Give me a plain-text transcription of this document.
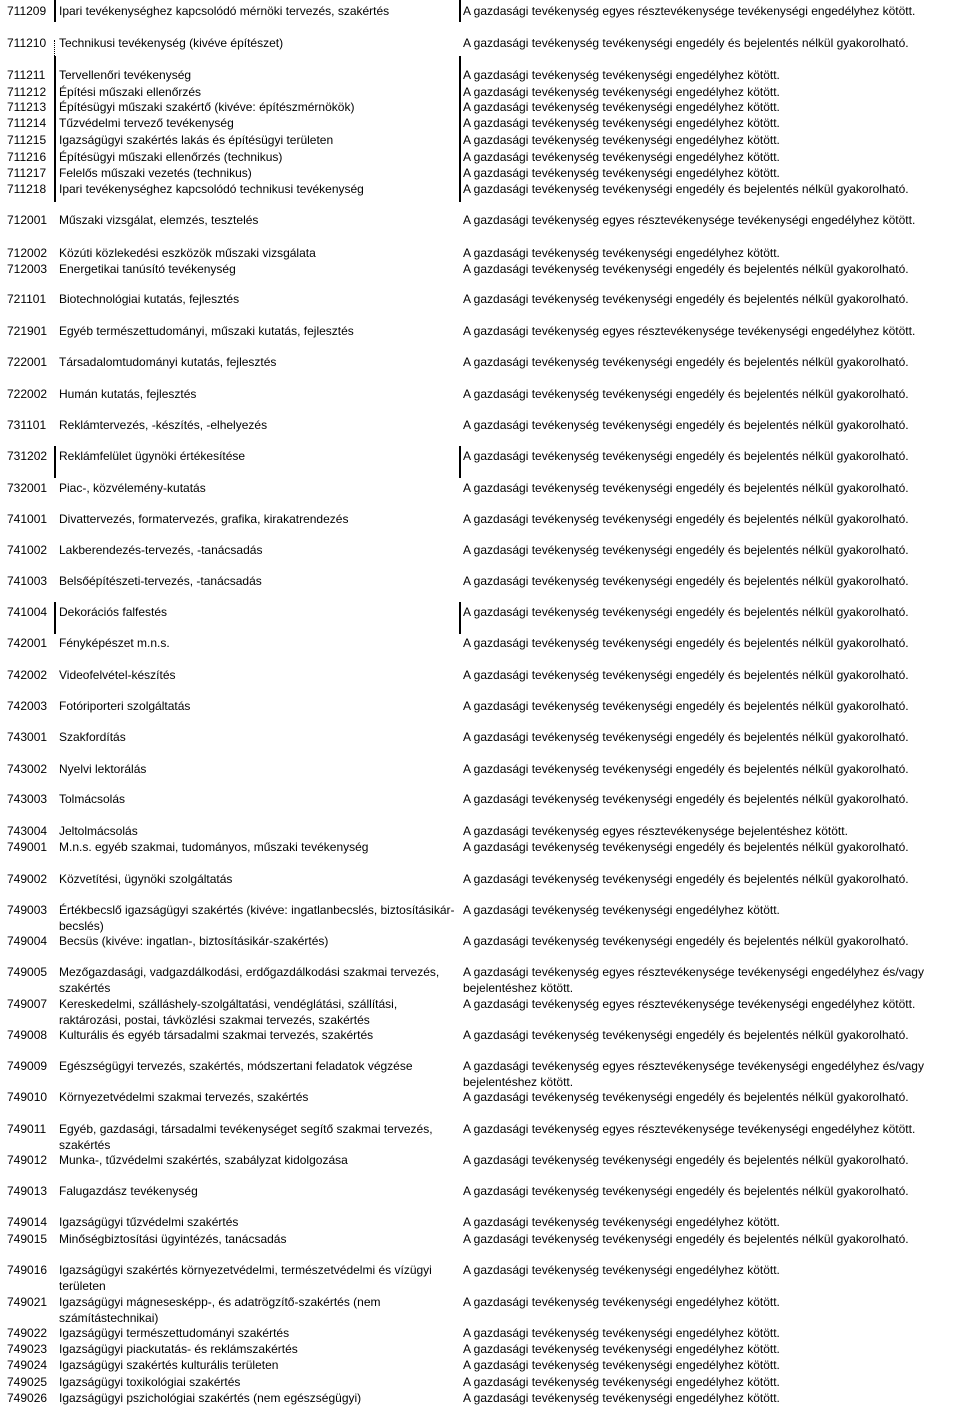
711209	Ipari tevékenységhez kapcsolódó mérnöki tervezés, szakértés	A gazdasági tevékenység egyes résztevékenysége tevékenységi engedélyhez kötött.
711210	Technikusi tevékenység (kivéve építészet)	A gazdasági tevékenység tevékenységi engedély és bejelentés nélkül gyakorolható.
711211	Tervellenőri tevékenység	A gazdasági tevékenység tevékenységi engedélyhez kötött.
711212	Építési műszaki ellenőrzés	A gazdasági tevékenység tevékenységi engedélyhez kötött.
711213	Építésügyi műszaki szakértő (kivéve: építészmérnökök)	A gazdasági tevékenység tevékenységi engedélyhez kötött.
711214	Tűzvédelmi tervező tevékenység	A gazdasági tevékenység tevékenységi engedélyhez kötött.
711215	Igazságügyi szakértés lakás és építésügyi területen	A gazdasági tevékenység tevékenységi engedélyhez kötött.
711216	Építésügyi műszaki ellenőrzés (technikus)	A gazdasági tevékenység tevékenységi engedélyhez kötött.
711217	Felelős műszaki vezetés (technikus)	A gazdasági tevékenység tevékenységi engedélyhez kötött.
711218	Ipari tevékenységhez kapcsolódó technikusi tevékenység	A gazdasági tevékenység tevékenységi engedély és bejelentés nélkül gyakorolható.
712001 Műszaki vizsgálat, elemzés, tesztelés	A gazdasági tevékenység egyes résztevékenysége tevékenységi engedélyhez kötött.
712002 Közúti közlekedési eszközök műszaki vizsgálata	A gazdasági tevékenység tevékenységi engedélyhez kötött.
712003 Energetikai tanúsító tevékenység	A gazdasági tevékenység tevékenységi engedély és bejelentés nélkül gyakorolható.
721101	Biotechnológiai kutatás, fejlesztés	A gazdasági tevékenység tevékenységi engedély és bejelentés nélkül gyakorolható.
721901 Egyéb természettudományi, műszaki kutatás, fejlesztés	A gazdasági tevékenység egyes résztevékenysége tevékenységi engedélyhez kötött.
722001 Társadalomtudományi kutatás, fejlesztés	A gazdasági tevékenység tevékenységi engedély és bejelentés nélkül gyakorolható.
722002 Humán kutatás, fejlesztés	A gazdasági tevékenység tevékenységi engedély és bejelentés nélkül gyakorolható.
731101	Reklámtervezés, -készítés, -elhelyezés	A gazdasági tevékenység tevékenységi engedély és bejelentés nélkül gyakorolható.
731202 Reklámfelület ügynöki értékesítése	A gazdasági tevékenység tevékenységi engedély és bejelentés nélkül gyakorolható.
732001 Piac-, közvélemény-kutatás	A gazdasági tevékenység tevékenységi engedély és bejelentés nélkül gyakorolható.
741001 Divattervezés, formatervezés, grafika, kirakatrendezés	A gazdasági tevékenység tevékenységi engedély és bejelentés nélkül gyakorolható.
741002 Lakberendezés-tervezés, -tanácsadás	A gazdasági tevékenység tevékenységi engedély és bejelentés nélkül gyakorolható.
741003 Belsőépítészeti-tervezés, -tanácsadás	A gazdasági tevékenység tevékenységi engedély és bejelentés nélkül gyakorolható.
741004 Dekorációs falfestés	A gazdasági tevékenység tevékenységi engedély és bejelentés nélkül gyakorolható.
742001 Fényképészet m.n.s.	A gazdasági tevékenység tevékenységi engedély és bejelentés nélkül gyakorolható.
742002 Videofelvétel-készítés	A gazdasági tevékenység tevékenységi engedély és bejelentés nélkül gyakorolható.
742003 Fotóriporteri szolgáltatás	A gazdasági tevékenység tevékenységi engedély és bejelentés nélkül gyakorolható.
743001 Szakfordítás	A gazdasági tevékenység tevékenységi engedély és bejelentés nélkül gyakorolható.
743002 Nyelvi lektorálás	A gazdasági tevékenység tevékenységi engedély és bejelentés nélkül gyakorolható.
743003 Tolmácsolás	A gazdasági tevékenység tevékenységi engedély és bejelentés nélkül gyakorolható.
743004 Jeltolmácsolás	A gazdasági tevékenység egyes résztevékenysége bejelentéshez kötött.
749001 M.n.s. egyéb szakmai, tudományos, műszaki tevékenység	A gazdasági tevékenység tevékenységi engedély és bejelentés nélkül gyakorolható.
749002 Közvetítési, ügynöki szolgáltatás	A gazdasági tevékenység tevékenységi engedély és bejelentés nélkül gyakorolható.
749003 Értékbecslő igazságügyi szakértés (kivéve: ingatlanbecslés, biztosításikár-becslés)
A gazdasági tevékenység tevékenységi engedélyhez kötött.
749004 Becsüs (kivéve: ingatlan-, biztosításikár-szakértés)	A gazdasági tevékenység tevékenységi engedély és bejelentés nélkül gyakorolható.
749005 Mezőgazdasági, vadgazdálkodási, erdőgazdálkodási szakmai tervezés, szakértés
A gazdasági tevékenység egyes résztevékenysége tevékenységi engedélyhez és/vagy bejelentéshez kötött.
749007 Kereskedelmi, szálláshely-szolgáltatási, vendéglátási, szállítási, raktározási, postai, távközlési szakmai tervezés, szakértés
A gazdasági tevékenység egyes résztevékenysége tevékenységi engedélyhez kötött.
749008 Kulturális és egyéb társadalmi szakmai tervezés, szakértés	A gazdasági tevékenység tevékenységi engedély és bejelentés nélkül gyakorolható.
749009 Egészségügyi tervezés, szakértés, módszertani feladatok végzése	A gazdasági tevékenység egyes résztevékenysége tevékenységi engedélyhez és/vagy bejelentéshez kötött.
749010 Környezetvédelmi szakmai tervezés, szakértés	A gazdasági tevékenység tevékenységi engedély és bejelentés nélkül gyakorolható.
749011	Egyéb, gazdasági, társadalmi tevékenységet segítő szakmai tervezés, szakértés
A gazdasági tevékenység egyes résztevékenysége tevékenységi engedélyhez kötött.
749012 Munka-, tűzvédelmi szakértés, szabályzat kidolgozása	A gazdasági tevékenység tevékenységi engedély és bejelentés nélkül gyakorolható.
749013 Falugazdász tevékenység	A gazdasági tevékenység tevékenységi engedély és bejelentés nélkül gyakorolható.
749014 Igazságügyi tűzvédelmi szakértés	A gazdasági tevékenység tevékenységi engedélyhez kötött.
749015 Minőségbiztosítási ügyintézés, tanácsadás	A gazdasági tevékenység tevékenységi engedély és bejelentés nélkül gyakorolható.
749016 Igazságügyi szakértés környezetvédelmi, természetvédelmi és vízügyi területen
A gazdasági tevékenység tevékenységi engedélyhez kötött.
749021 Igazságügyi mágnesesképp-, és adatrögzítő-szakértés (nem számítástechnikai)
A gazdasági tevékenység tevékenységi engedélyhez kötött.
749022 Igazságügyi természettudományi szakértés	A gazdasági tevékenység tevékenységi engedélyhez kötött.
749023 Igazságügyi piackutatás- és reklámszakértés	A gazdasági tevékenység tevékenységi engedélyhez kötött.
749024 Igazságügyi szakértés kulturális területen	A gazdasági tevékenység tevékenységi engedélyhez kötött.
749025 Igazságügyi toxikológiai szakértés	A gazdasági tevékenység tevékenységi engedélyhez kötött.
749026 Igazságügyi pszichológiai szakértés (nem egészségügyi)	A gazdasági tevékenység tevékenységi engedélyhez kötött.
